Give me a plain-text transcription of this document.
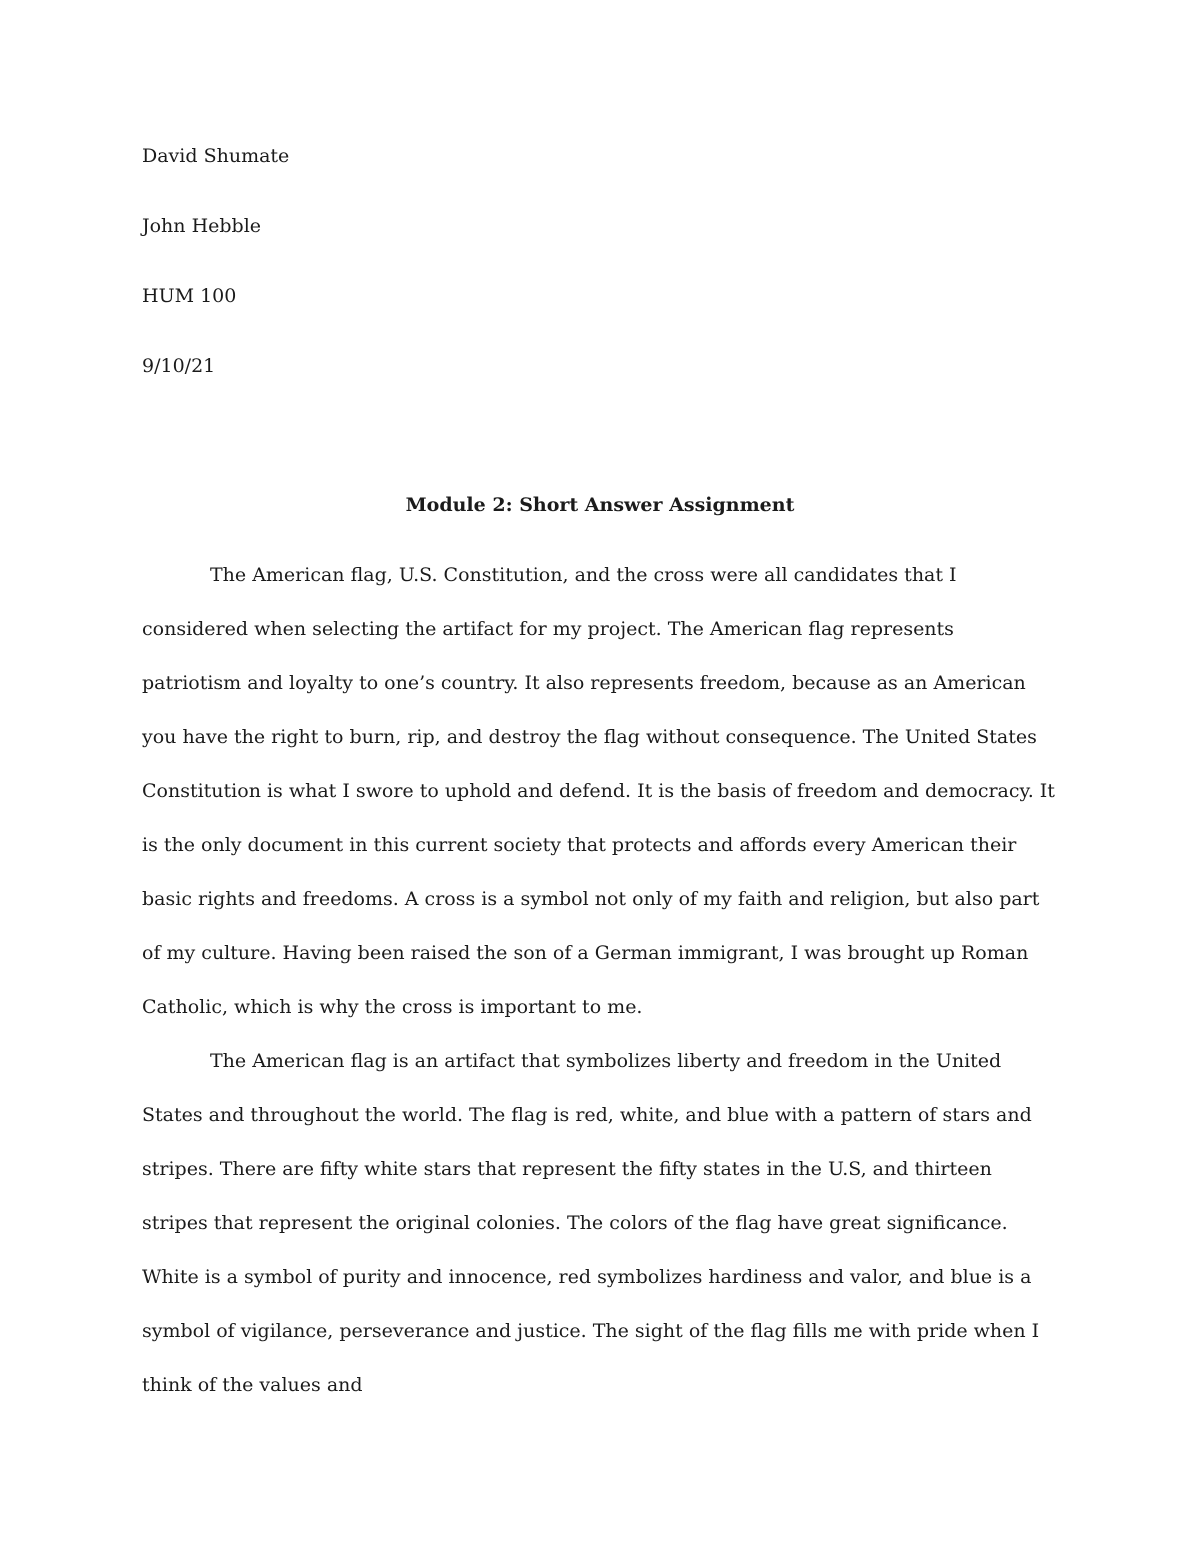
David Shumate
John Hebble
HUM 100
9/10/21
Module 2: Short Answer Assignment

The American flag, U.S. Constitution, and the cross were all candidates that I considered when selecting the artifact for my project. The American flag represents patriotism and loyalty to one’s country. It also represents freedom, because as an American you have the right to burn, rip, and destroy the flag without consequence. The United States Constitution is what I swore to uphold and defend. It is the basis of freedom and democracy. It is the only document in this current society that protects and affords every American their basic rights and freedoms. A cross is a symbol not only of my faith and religion, but also part of my culture. Having been raised the son of a German immigrant, I was brought up Roman Catholic, which is why the cross is important to me.

The American flag is an artifact that symbolizes liberty and freedom in the United States and throughout the world. The flag is red, white, and blue with a pattern of stars and stripes. There are fifty white stars that represent the fifty states in the U.S, and thirteen stripes that represent the original colonies. The colors of the flag have great significance. White is a symbol of purity and innocence, red symbolizes hardiness and valor, and blue is a symbol of vigilance, perseverance and justice. The sight of the flag fills me with pride when I think of the values and
